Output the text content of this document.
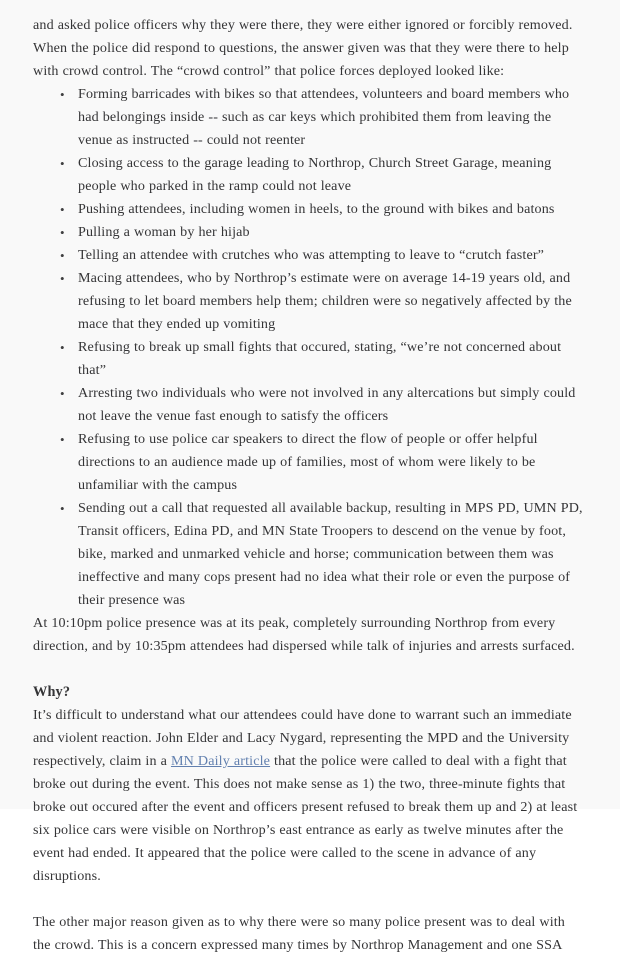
and asked police officers why they were there, they were either ignored or forcibly removed. When the police did respond to questions, the answer given was that they were there to help with crowd control. The “crowd control” that police forces deployed looked like:

• Forming barricades with bikes so that attendees, volunteers and board members who had belongings inside -- such as car keys which prohibited them from leaving the venue as instructed -- could not reenter
• Closing access to the garage leading to Northrop, Church Street Garage, meaning people who parked in the ramp could not leave
• Pushing attendees, including women in heels, to the ground with bikes and batons
• Pulling a woman by her hijab
• Telling an attendee with crutches who was attempting to leave to “crutch faster”
• Macing attendees, who by Northrop’s estimate were on average 14-19 years old, and refusing to let board members help them; children were so negatively affected by the mace that they ended up vomiting
• Refusing to break up small fights that occured, stating, “we’re not concerned about that”
• Arresting two individuals who were not involved in any altercations but simply could not leave the venue fast enough to satisfy the officers
• Refusing to use police car speakers to direct the flow of people or offer helpful directions to an audience made up of families, most of whom were likely to be unfamiliar with the campus
• Sending out a call that requested all available backup, resulting in MPS PD, UMN PD, Transit officers, Edina PD, and MN State Troopers to descend on the venue by foot, bike, marked and unmarked vehicle and horse; communication between them was ineffective and many cops present had no idea what their role or even the purpose of their presence was

At 10:10pm police presence was at its peak, completely surrounding Northrop from every direction, and by 10:35pm attendees had dispersed while talk of injuries and arrests surfaced.

Why?

It’s difficult to understand what our attendees could have done to warrant such an immediate and violent reaction. John Elder and Lacy Nygard, representing the MPD and the University respectively, claim in a MN Daily article that the police were called to deal with a fight that broke out during the event. This does not make sense as 1) the two, three-minute fights that broke out occured after the event and officers present refused to break them up and 2) at least six police cars were visible on Northrop’s east entrance as early as twelve minutes after the event had ended. It appeared that the police were called to the scene in advance of any disruptions.

The other major reason given as to why there were so many police present was to deal with the crowd. This is a concern expressed many times by Northrop Management and one SSA
